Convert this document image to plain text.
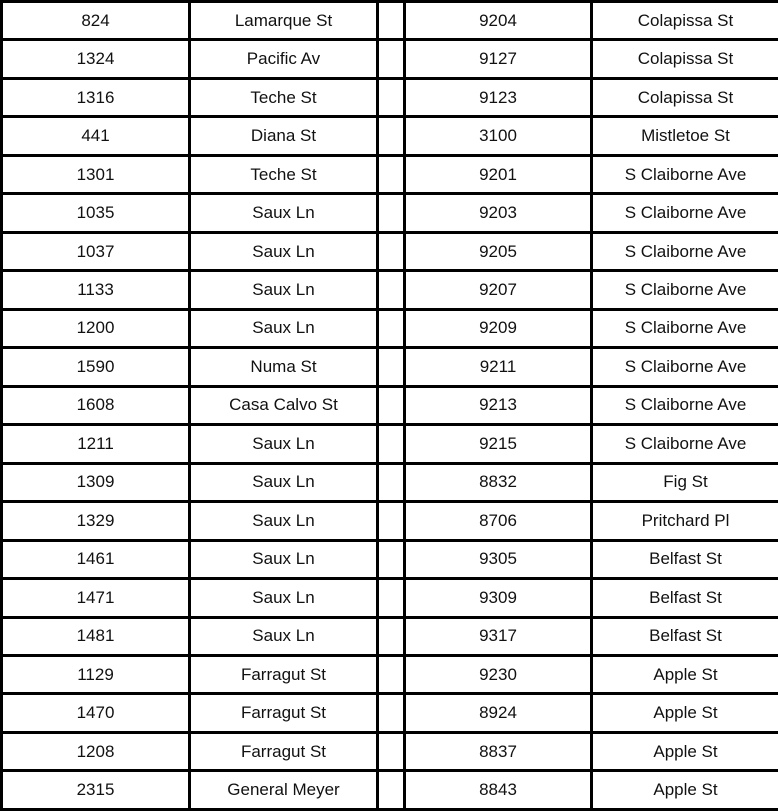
824	Lamarque St		9204	Colapissa St
1324	Pacific Av		9127	Colapissa St
1316	Teche St		9123	Colapissa St
441	Diana St		3100	Mistletoe St
1301	Teche St		9201	S Claiborne Ave
1035	Saux Ln		9203	S Claiborne Ave
1037	Saux Ln		9205	S Claiborne Ave
1133	Saux Ln		9207	S Claiborne Ave
1200	Saux Ln		9209	S Claiborne Ave
1590	Numa St		9211	S Claiborne Ave
1608	Casa Calvo St		9213	S Claiborne Ave
1211	Saux Ln		9215	S Claiborne Ave
1309	Saux Ln		8832	Fig St
1329	Saux Ln		8706	Pritchard Pl
1461	Saux Ln		9305	Belfast St
1471	Saux Ln		9309	Belfast St
1481	Saux Ln		9317	Belfast St
1129	Farragut St		9230	Apple St
1470	Farragut St		8924	Apple St
1208	Farragut St		8837	Apple St
2315	General Meyer		8843	Apple St
